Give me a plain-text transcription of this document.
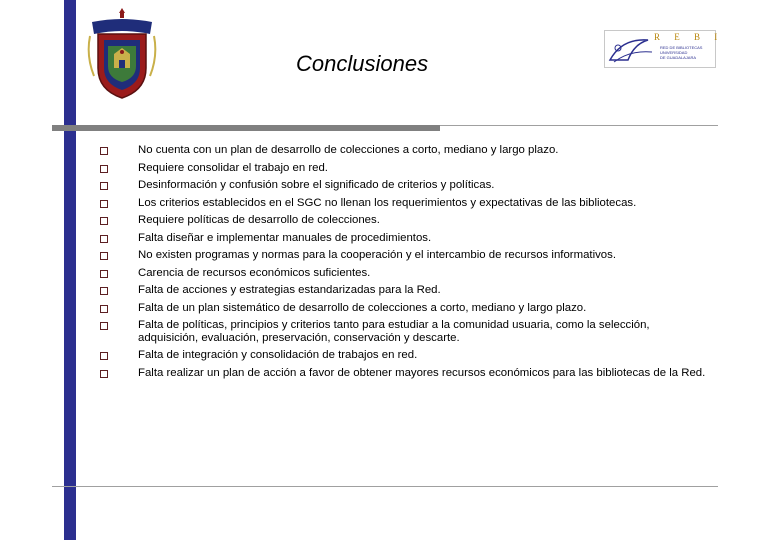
R E B I
RED DE BIBLIOTECAS
UNIVERSIDAD
DE GUADALAJARA
Conclusiones
No cuenta con un plan de desarrollo de colecciones a corto, mediano y largo plazo.
Requiere consolidar el trabajo en red.
Desinformación y confusión sobre el significado de criterios y políticas.
Los criterios establecidos en el SGC no llenan los requerimientos y expectativas de las bibliotecas.
Requiere políticas de desarrollo de colecciones.
Falta diseñar e implementar manuales de procedimientos.
No existen programas y normas para la cooperación y el intercambio de recursos informativos.
Carencia de recursos económicos suficientes.
Falta de acciones y estrategias estandarizadas para la Red.
Falta de un plan sistemático de desarrollo de colecciones a corto, mediano y largo plazo.
Falta de políticas, principios y criterios tanto para estudiar a la comunidad usuaria, como la selección, adquisición, evaluación, preservación, conservación y descarte.
Falta de integración y consolidación de trabajos en red.
Falta realizar un plan de acción a favor de obtener mayores recursos económicos para las bibliotecas de la Red.
